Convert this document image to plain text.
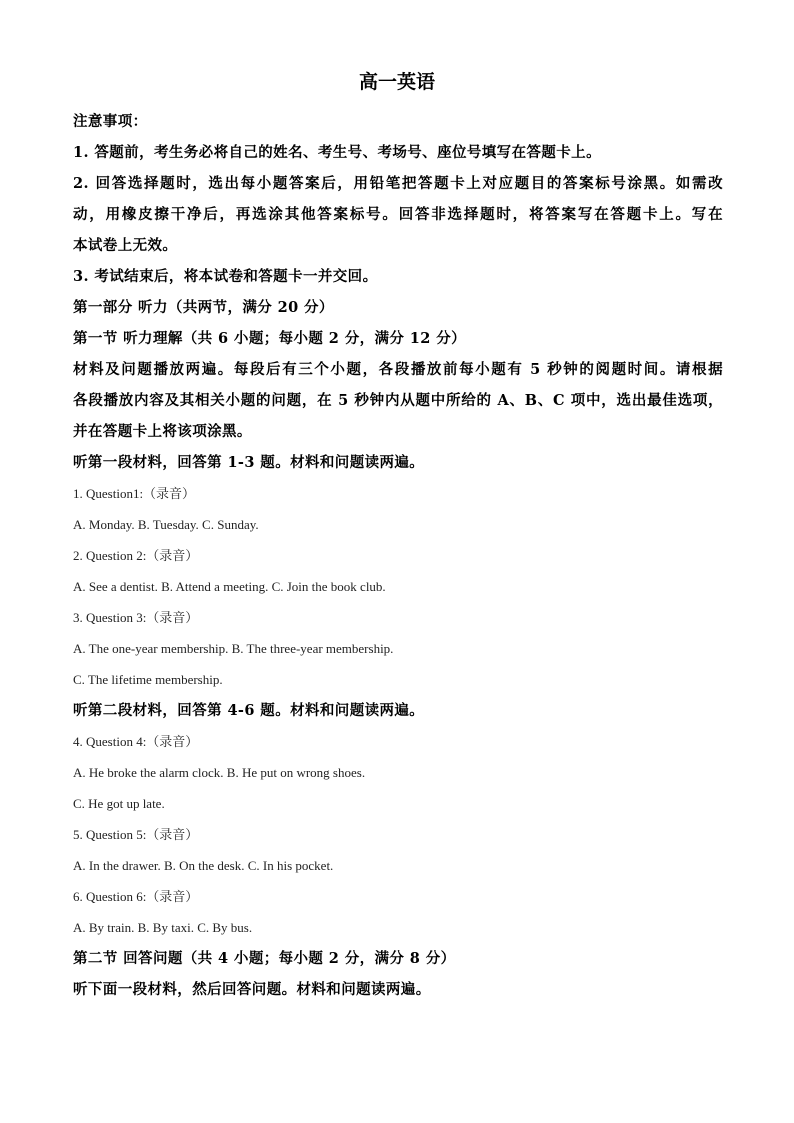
高一英语
注意事项：
1. 答题前，考生务必将自己的姓名、考生号、考场号、座位号填写在答题卡上。
2. 回答选择题时，选出每小题答案后，用铅笔把答题卡上对应题目的答案标号涂黑。如需改
动，用橡皮擦干净后，再选涂其他答案标号。回答非选择题时，将答案写在答题卡上。写在
本试卷上无效。
3. 考试结束后，将本试卷和答题卡一并交回。
第一部分 听力（共两节，满分 20 分）
第一节 听力理解（共 6 小题；每小题 2 分，满分 12 分）
材料及问题播放两遍。每段后有三个小题，各段播放前每小题有 5 秒钟的阅题时间。请根据
各段播放内容及其相关小题的问题，在 5 秒钟内从题中所给的 A、B、C 项中，选出最佳选项，
并在答题卡上将该项涂黑。
听第一段材料，回答第 1-3 题。材料和问题读两遍。
1. Question1:（录音）
A. Monday. B. Tuesday. C. Sunday.
2. Question 2:（录音）
A. See a dentist. B. Attend a meeting. C. Join the book club.
3. Question 3:（录音）
A. The one-year membership. B. The three-year membership.
C. The lifetime membership.
听第二段材料，回答第 4-6 题。材料和问题读两遍。
4. Question 4:（录音）
A. He broke the alarm clock. B. He put on wrong shoes.
C. He got up late.
5. Question 5:（录音）
A. In the drawer. B. On the desk. C. In his pocket.
6. Question 6:（录音）
A. By train. B. By taxi. C. By bus.
第二节 回答问题（共 4 小题；每小题 2 分，满分 8 分）
听下面一段材料，然后回答问题。材料和问题读两遍。
